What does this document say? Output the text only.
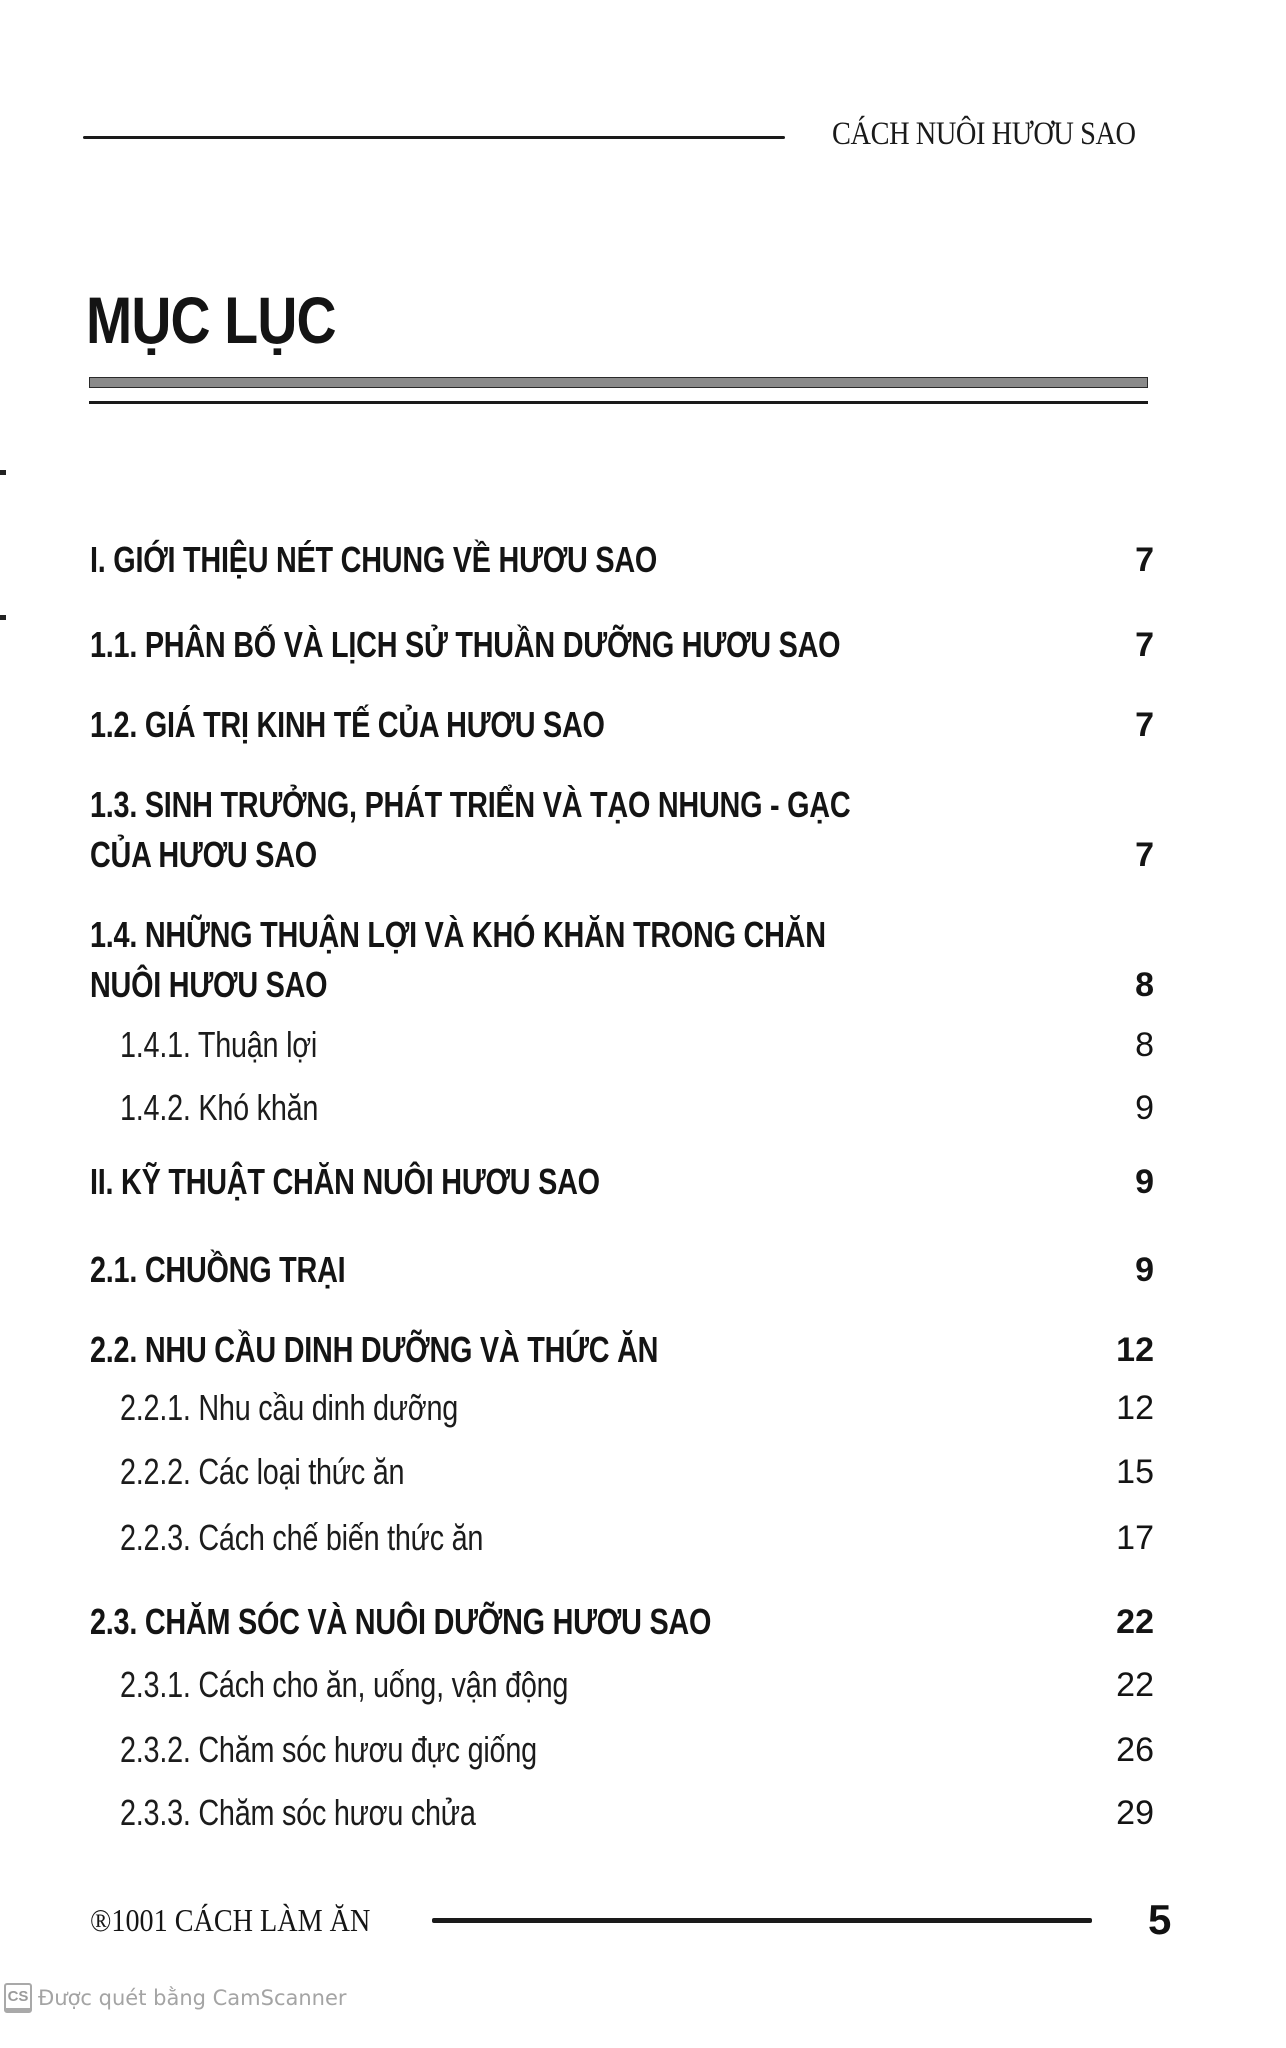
CÁCH NUÔI HƯƠU SAO
MỤC LỤC
I. GIỚI THIỆU NÉT CHUNG VỀ HƯƠU SAO	7
1.1. PHÂN BỐ VÀ LỊCH SỬ THUẦN DƯỠNG HƯƠU SAO	7
1.2. GIÁ TRỊ KINH TẾ CỦA HƯƠU SAO	7
1.3. SINH TRƯỞNG, PHÁT TRIỂN VÀ TẠO NHUNG - GẠC
CỦA HƯƠU SAO	7
1.4. NHỮNG THUẬN LỢI VÀ KHÓ KHĂN TRONG CHĂN
NUÔI HƯƠU SAO	8
1.4.1. Thuận lợi	8
1.4.2. Khó khăn	9
II. KỸ THUẬT CHĂN NUÔI HƯƠU SAO	9
2.1. CHUỒNG TRẠI	9
2.2. NHU CẦU DINH DƯỠNG VÀ THỨC ĂN	12
2.2.1. Nhu cầu dinh dưỡng	12
2.2.2. Các loại thức ăn	15
2.2.3. Cách chế biến thức ăn	17
2.3. CHĂM SÓC VÀ NUÔI DƯỠNG HƯƠU SAO	22
2.3.1. Cách cho ăn, uống, vận động	22
2.3.2. Chăm sóc hươu đực giống	26
2.3.3. Chăm sóc hươu chửa	29
®1001 CÁCH LÀM ĂN	5
CS Được quét bằng CamScanner
